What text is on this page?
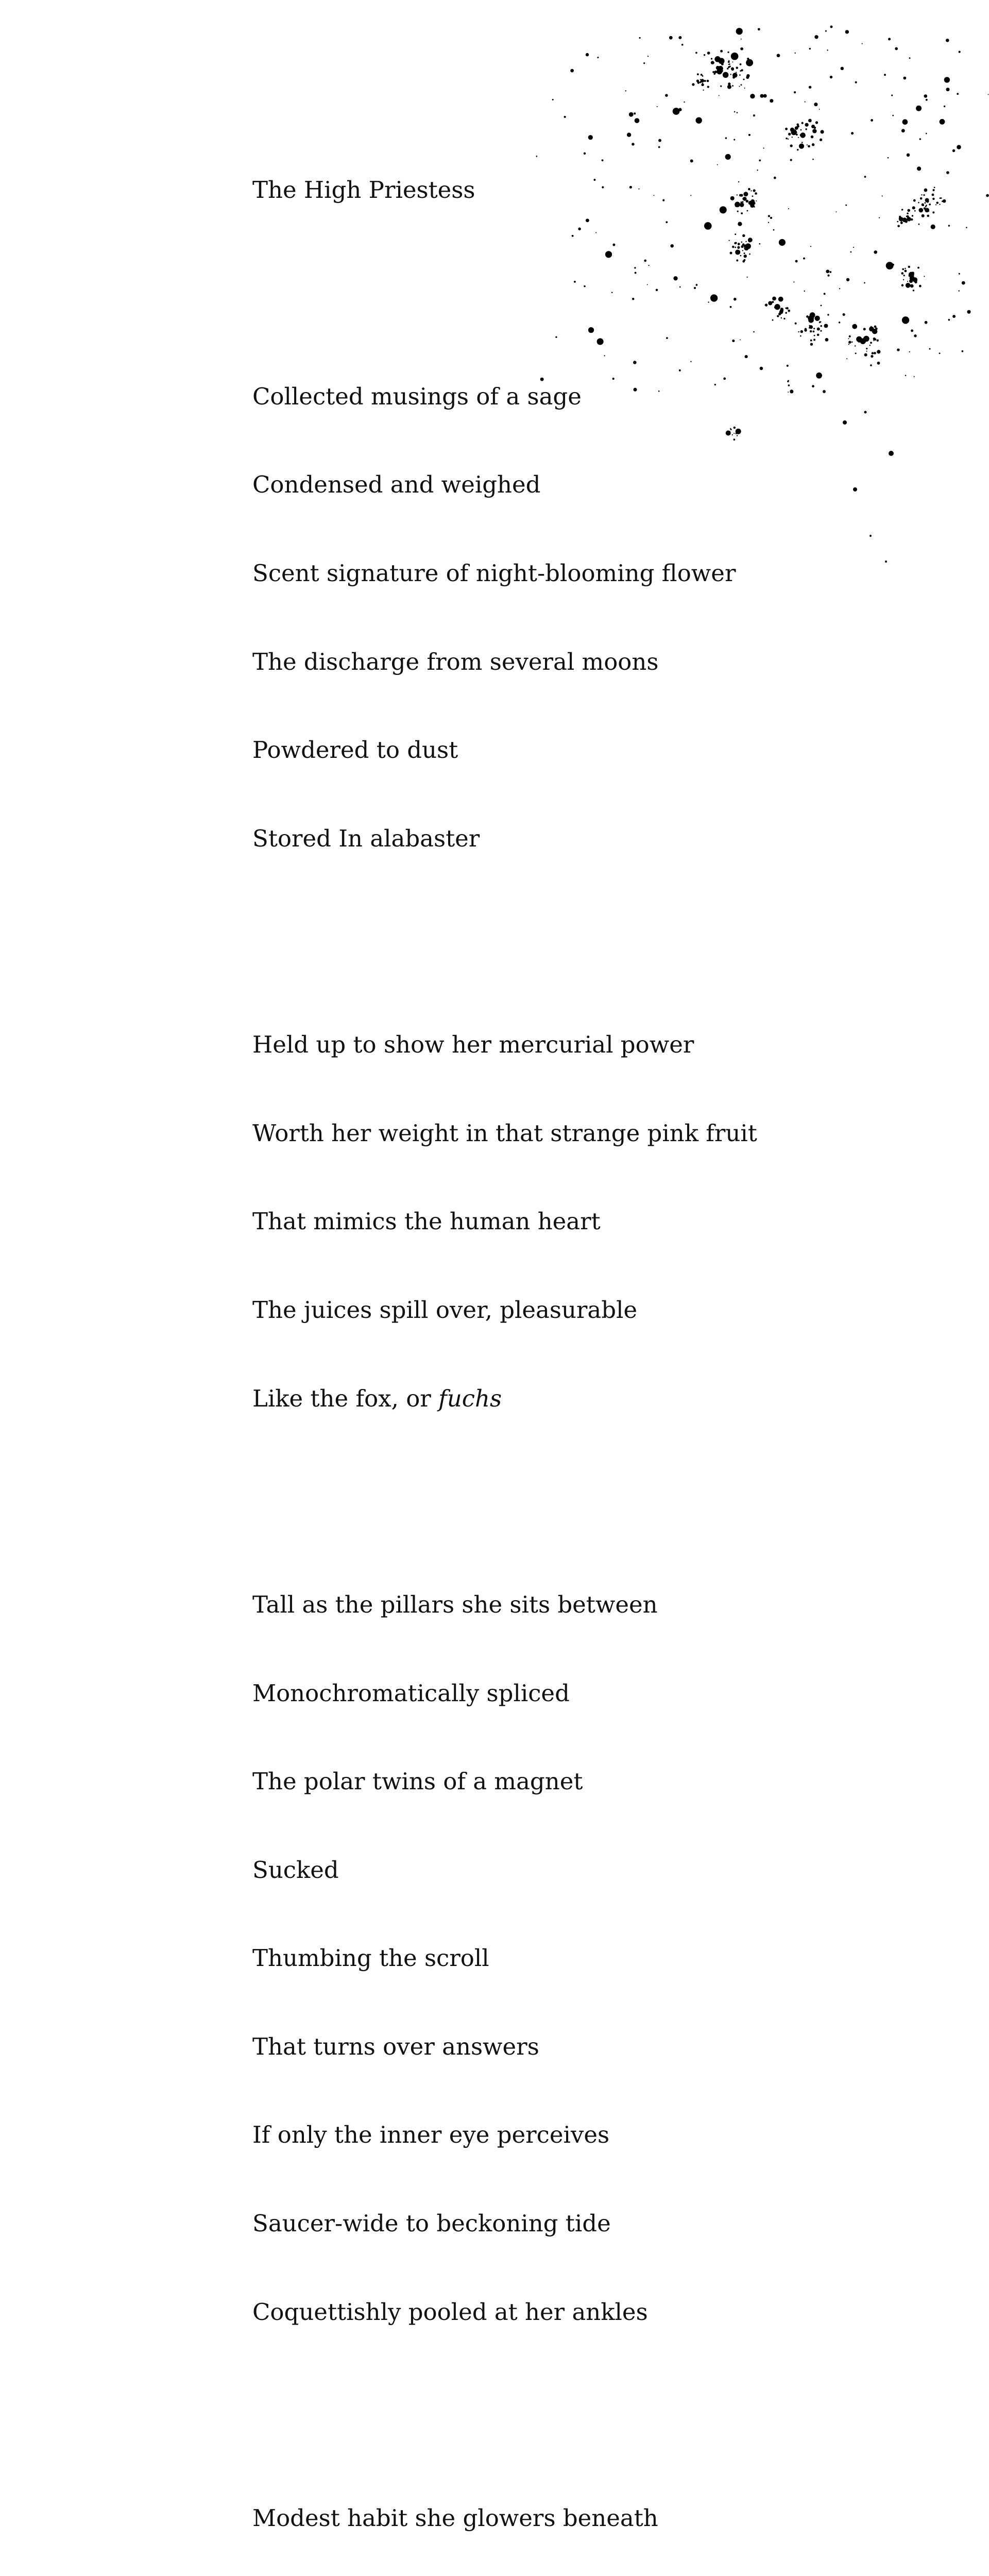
The High Priestess

Collected musings of a sage

Condensed and weighed

Scent signature of night-blooming flower

The discharge from several moons

Powdered to dust

Stored In alabaster

Held up to show her mercurial power

Worth her weight in that strange pink fruit

That mimics the human heart

The juices spill over, pleasurable

Like the fox, or fuchs

Tall as the pillars she sits between

Monochromatically spliced

The polar twins of a magnet

Sucked

Thumbing the scroll

That turns over answers

If only the inner eye perceives

Saucer-wide to beckoning tide

Coquettishly pooled at her ankles

Modest habit she glowers beneath
